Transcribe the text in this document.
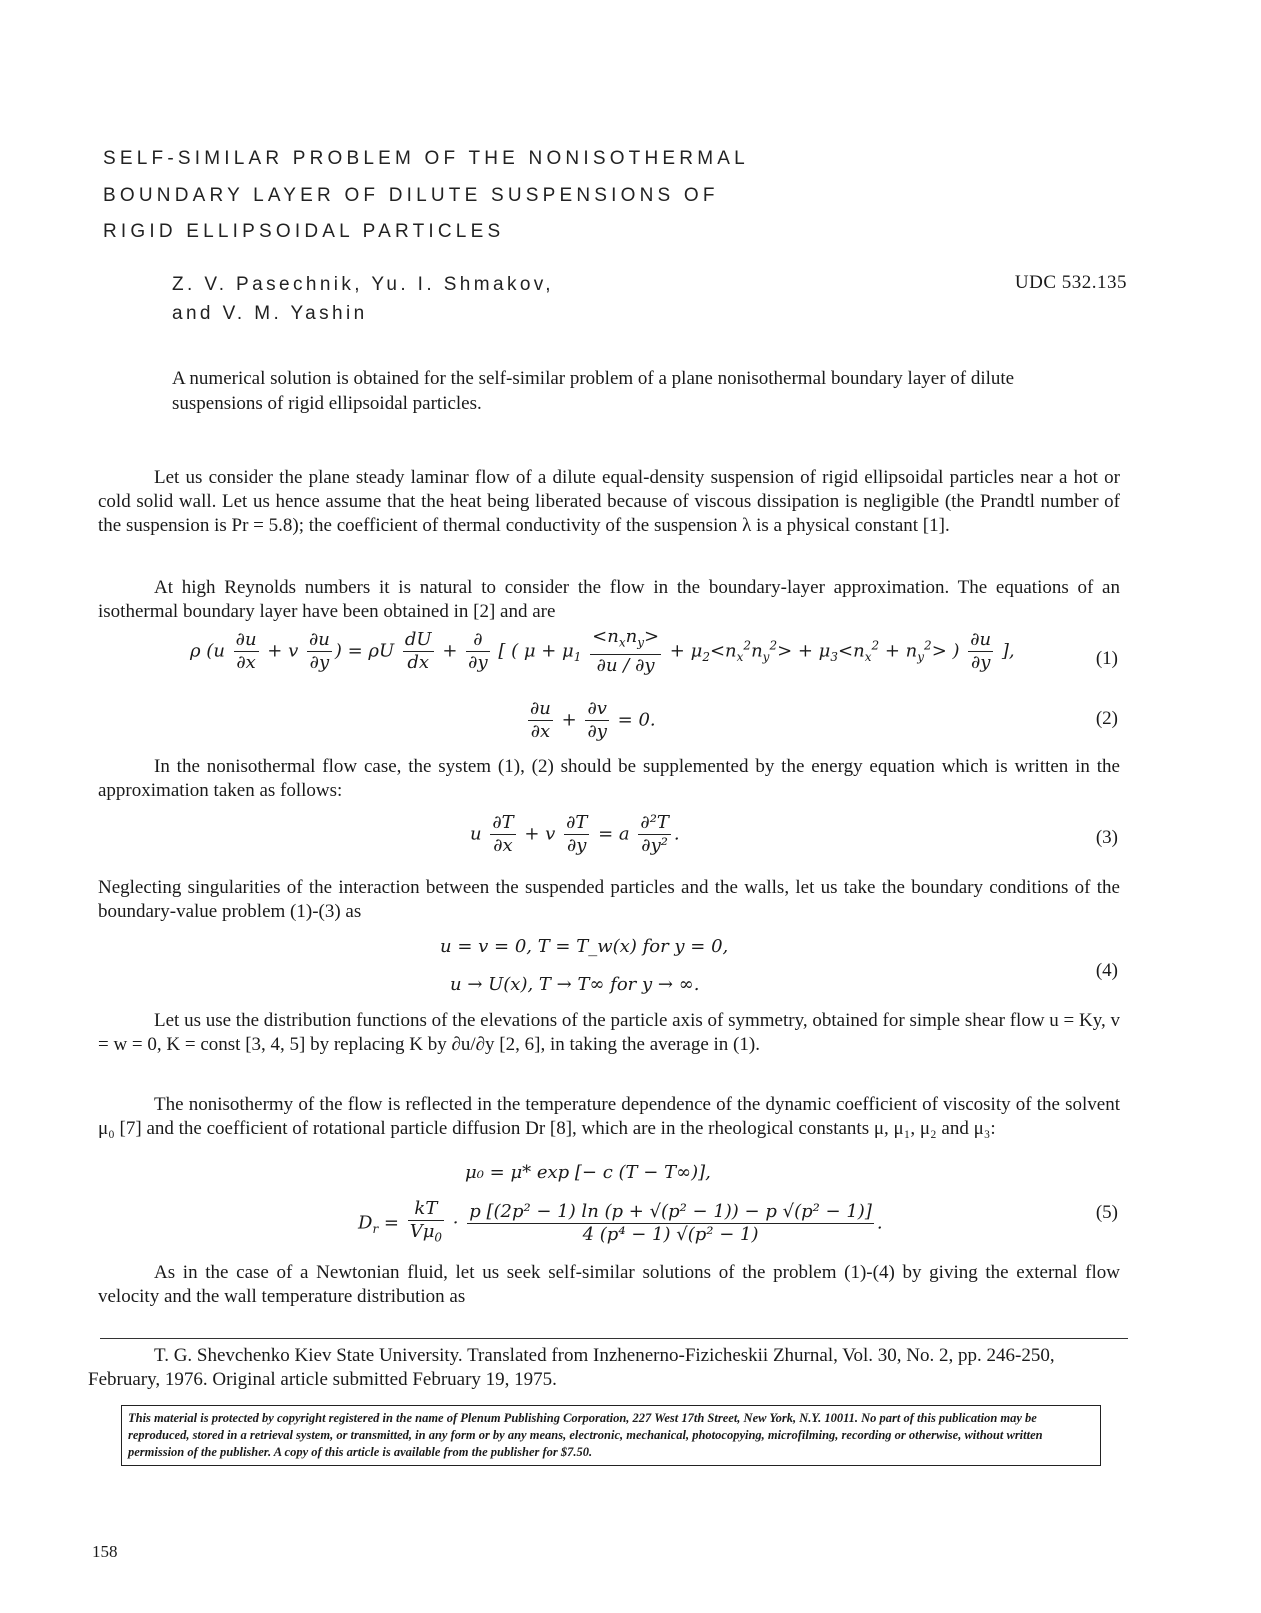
SELF-SIMILAR PROBLEM OF THE NONISOTHERMAL
BOUNDARY LAYER OF DILUTE SUSPENSIONS OF
RIGID ELLIPSOIDAL PARTICLES
Z. V. Pasechnik, Yu. I. Shmakov,
and V. M. Yashin
UDC 532.135
A numerical solution is obtained for the self-similar problem of a plane nonisothermal boundary layer of dilute suspensions of rigid ellipsoidal particles.
Let us consider the plane steady laminar flow of a dilute equal-density suspension of rigid ellipsoidal particles near a hot or cold solid wall. Let us hence assume that the heat being liberated because of viscous dissipation is negligible (the Prandtl number of the suspension is Pr = 5.8); the coefficient of thermal conductivity of the suspension λ is a physical constant [1].
At high Reynolds numbers it is natural to consider the flow in the boundary-layer approximation. The equations of an isothermal boundary layer have been obtained in [2] and are
ρ ($u \frac{\partial u}{\partial x} + v \frac{\partial u}{\partial y}$ ) = ρU $\frac{dU}{dx} + \frac{\partial}{\partial y}$ [ ( $\mu + \mu_1 \frac{<n_xn_y>}{\partial u / \partial y} + \mu_2<n_x^2n_y^2> + \mu_3<n_x^2 + n_y^2>$ ) $\frac{\partial u}{\partial y}$ ],	(1)
$\frac{\partial u}{\partial x} + \frac{\partial v}{\partial y} = 0$.	(2)
In the nonisothermal flow case, the system (1), (2) should be supplemented by the energy equation which is written in the approximation taken as follows:
u $\frac{\partial T}{\partial x} + v \frac{\partial T}{\partial y} = a \frac{\text{∂²T}}{\text{∂y²}}$ .	(3)
Neglecting singularities of the interaction between the suspended particles and the walls, let us take the boundary conditions of the boundary-value problem (1)-(3) as
u = v = 0, T = T_w(x) for y = 0,
u → U(x), T → T∞ for y → ∞.
(4)
Let us use the distribution functions of the elevations of the particle axis of symmetry, obtained for simple shear flow u = Ky, v = w = 0, K = const [3, 4, 5] by replacing K by ∂u/∂y [2, 6], in taking the average in (1).
The nonisothermy of the flow is reflected in the temperature dependence of the dynamic coefficient of viscosity of the solvent μ₀ [7] and the coefficient of rotational particle diffusion Dr [8], which are in the rheological constants μ, μ₁, μ₂ and μ₃:
μ₀ = μ* exp [− c (T − T∞)],
$D_r = \frac{kT}{V\mu_0} \cdot \frac{\text{p [(2p² − 1) ln (p + √(p² − 1)) − p √(p² − 1)]}}{\text{4 (p⁴ − 1) √(p² − 1)}}$ .	(5)
As in the case of a Newtonian fluid, let us seek self-similar solutions of the problem (1)-(4) by giving the external flow velocity and the wall temperature distribution as
T. G. Shevchenko Kiev State University. Translated from Inzhenerno-Fizicheskii Zhurnal, Vol. 30, No. 2, pp. 246-250, February, 1976. Original article submitted February 19, 1975.
This material is protected by copyright registered in the name of Plenum Publishing Corporation, 227 West 17th Street, New York, N.Y. 10011. No part of this publication may be reproduced, stored in a retrieval system, or transmitted, in any form or by any means, electronic, mechanical, photocopying, microfilming, recording or otherwise, without written permission of the publisher. A copy of this article is available from the publisher for $7.50.
158
